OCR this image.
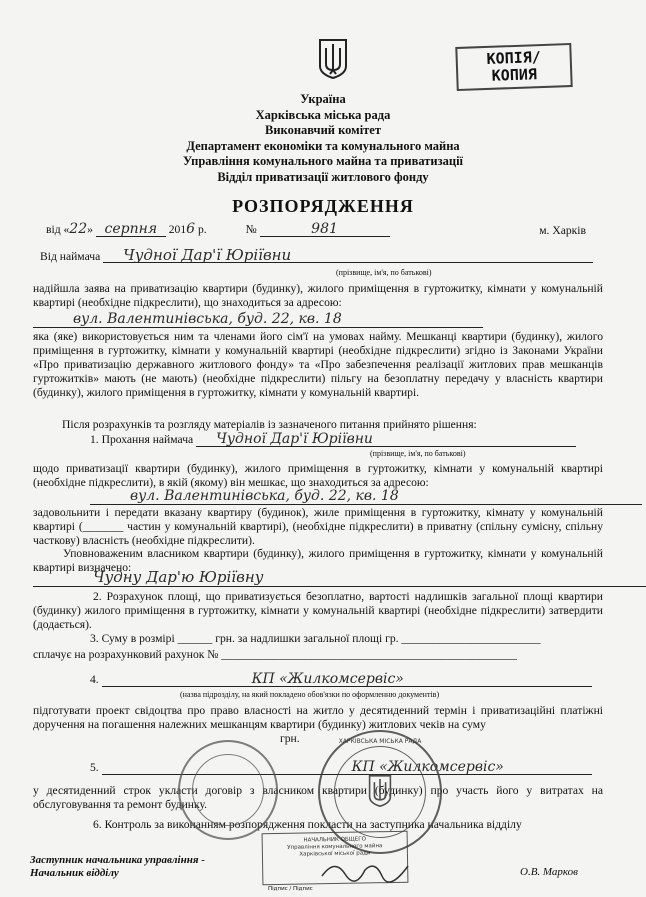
КОПІЯ/
КОПИЯ
Україна
Харківська міська рада
Виконавчий комітет
Департамент економіки та комунального майна
Управління комунального майна та приватизації
Відділ приватизації житлового фонду
РОЗПОРЯДЖЕННЯ
від «22» серпня 2016 р.	№	981	м. Харків
Від наймача Чудної Дар'ї Юріївни
(прізвище, ім'я, по батькові)
надійшла заява на приватизацію квартири (будинку), жилого приміщення в гуртожитку, кімнати у комунальній квартирі (необхідне підкреслити), що знаходиться за адресою:
вул. Валентинівська, буд. 22, кв. 18
яка (яке) використовується ним та членами його сім'ї на умовах найму. Мешканці квартири (будинку), жилого приміщення в гуртожитку, кімнати у комунальній квартирі (необхідне підкреслити) згідно із Законами України «Про приватизацію державного житлового фонду» та «Про забезпечення реалізації житлових прав мешканців гуртожитків» мають (не мають) (необхідне підкреслити) пільгу на безоплатну передачу у власність квартири (будинку), жилого приміщення в гуртожитку, кімнати у комунальній квартирі.
Після розрахунків та розгляду матеріалів із зазначеного питання прийнято рішення:
1. Прохання наймача Чудної Дар'ї Юріївни
(прізвище, ім'я, по батькові)
щодо приватизації квартири (будинку), жилого приміщення в гуртожитку, кімнати у комунальній квартирі (необхідне підкреслити), в якій (якому) він мешкає, що знаходиться за адресою:
вул. Валентинівська, буд. 22, кв. 18
задовольнити і передати вказану квартиру (будинок), жиле приміщення в гуртожитку, кімнату у комунальній квартирі (_______ частин у комунальній квартирі), (необхідне підкреслити) в приватну (спільну сумісну, спільну часткову) власність (необхідне підкреслити).
Уповноваженим власником квартири (будинку), жилого приміщення в гуртожитку, кімнати у комунальній квартирі визначено:
Чудну Дар'ю Юріївну
2. Розрахунок площі, що приватизується безоплатно, вартості надлишків загальної площі квартири (будинку) жилого приміщення в гуртожитку, кімнати у комунальній квартирі (необхідне підкреслити) затвердити (додається).
3. Суму в розмірі ______ грн. за надлишки загальної площі гр. ________________________
сплачує на розрахунковий рахунок № ___________________________________________________
4.	КП «Жилкомсервіс»
(назва підрозділу, на який покладено обов'язки по оформленню документів)
підготувати проект свідоцтва про право власності на житло у десятиденний термін і приватизаційні платіжні доручення на погашення належних мешканцям квартири (будинку) житлових чеків на суму
грн.
5.	КП «Жилкомсервіс»
у десятиденний строк укласти договір з власником квартири (будинку) про участь його у витратах на обслуговування та ремонт будинку.
6. Контроль за виконанням розпорядження покласти на заступника начальника відділу
Заступник начальника управління -
Начальник відділу	О.В. Марков
ХАРКІВСЬКА МІСЬКА РАДА
НАЧАЛЬНИК ОБЩЕГО
Управління комунального майна
Харківської міської ради
Підпис / Підпис
